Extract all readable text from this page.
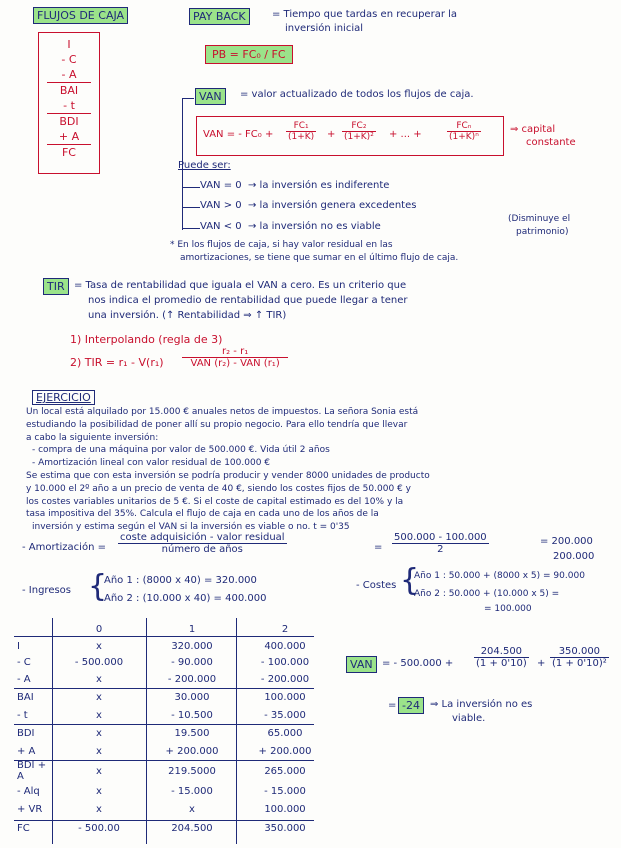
FLUJOS DE CAJA
I
- C
- A
BAI
- t
BDI
+ A
FC
PAY BACK	= Tiempo que tardas en recuperar la
inversión inicial
PB = FC₀ / FC
VAN	= valor actualizado de todos los flujos de caja.
VAN = - $FC_0 + \frac{\text{FC₁}}{(1+K)} + \frac{\text{FC₂}}{\text{(1+K)²}}$ + ... +	$\frac{\text{FCₙ}}{\text{(1+K)ⁿ}}$	⇒ capital
constante
Puede ser:
VAN = 0 → la inversión es indiferente
VAN > 0 → la inversión genera excedentes
VAN < 0 → la inversión no es viable
(Disminuye el
patrimonio)
* En los flujos de caja, si hay valor residual en las
amortizaciones, se tiene que sumar en el último flujo de caja.
TIR = Tasa de rentabilidad que iguala el VAN a cero. Es un criterio que
nos indica el promedio de rentabilidad que puede llegar a tener
una inversión. (↑ Rentabilidad ⇒ ↑ TIR)
1) Interpolando (regla de 3)
2) TIR = $r_1 - V(r_1) \frac{\text{r₂ - r₁}}{\text{VAN (r₂) - VAN (r₁)}}$
EJERCICIO
Un local está alquilado por 15.000 € anuales netos de impuestos. La señora Sonia está
estudiando la posibilidad de poner allí su propio negocio. Para ello tendría que llevar
a cabo la siguiente inversión:
- compra de una máquina por valor de 500.000 €. Vida útil 2 años
- Amortización lineal con valor residual de 100.000 €
Se estima que con esta inversión se podría producir y vender 8000 unidades de producto
y 10.000 el 2º año a un precio de venta de 40 €, siendo los costes fijos de 50.000 € y
los costes variables unitarios de 5 €. Si el coste de capital estimado es del 10% y la
tasa impositiva del 35%. Calcula el flujo de caja en cada uno de los años de la
inversión y estima según el VAN si la inversión es viable o no. t = 0'35
- Amortización = $\frac{\text{coste adquisición - valor residual}}{\text{número de años}}$	= $\frac{500.000 - 100.000}{2}$	= 200.000
200.000
- Ingresos {
Año 1 : (8000 x 40) = 320.000
Año 2 : (10.000 x 40) = 400.000
- Costes {
Año 1 : 50.000 + (8000 x 5) = 90.000
Año 2 : 50.000 + (10.000 x 5) =
= 100.000
	0	1	2
I	x	320.000	400.000
- C	- 500.000	- 90.000	- 100.000
- A	x	- 200.000	- 200.000
BAI	x	30.000	100.000
- t	x	- 10.500	- 35.000
BDI	x	19.500	65.000
+ A	x	+ 200.000	+ 200.000
BDI + A	x	219.5000	265.000
- Alq	x	- 15.000	- 15.000
+ VR	x	x	100.000
FC	- 500.00	204.500	350.000
VAN = - $500.000 + \frac{204.500}{(1 + 0'10)} + \frac{350.000}{\text{(1 + 0'10)²}}$
= -24	⇒ La inversión no es
viable.
